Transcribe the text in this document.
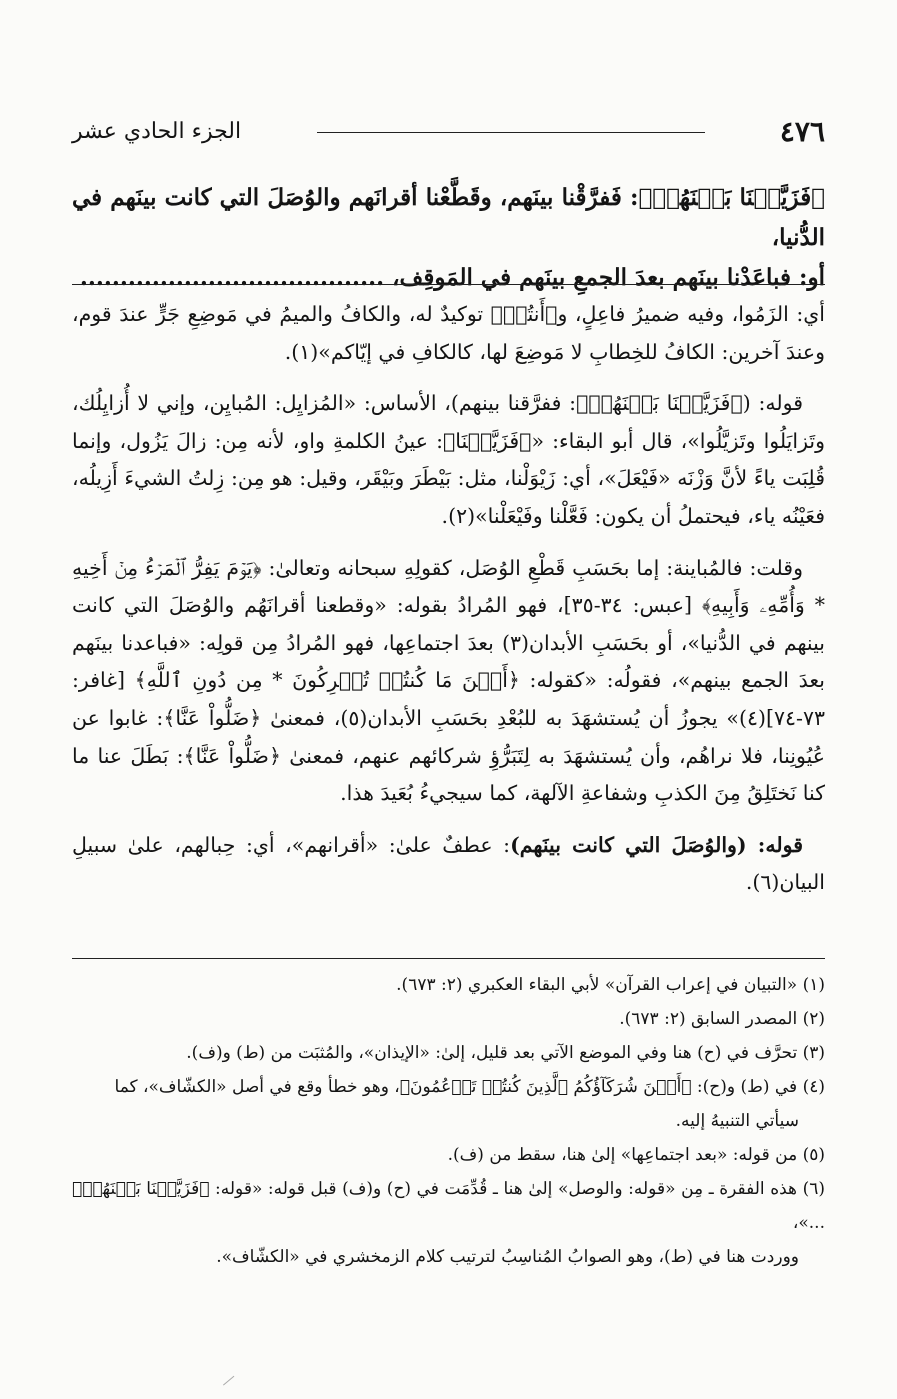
٤٧٦
الجزء الحادي عشر

﴿فَزَيَّلۡنَا بَيۡنَهُمۡ﴾: فَفرَّقْنا بينَهم، وقَطَّعْنا أقرانَهم والوُصَلَ التي كانت بينَهم في الدُّنيا،

أو: فباعَدْنا بينَهم بعدَ الجمعِ بينَهم في المَوقِف، ......................................

أي: الزَمُوا، وفيه ضميرُ فاعِلٍ، و﴿أَنتُمۡ﴾ توكيدٌ له، والكافُ والميمُ في مَوضِعِ جَرٍّ عندَ قوم، وعندَ آخرين: الكافُ للخِطابِ لا مَوضِعَ لها، كالكافِ في إيّاكم»(١).

قوله: (﴿فَزَيَّلۡنَا بَيۡنَهُمۡ﴾: ففرَّقنا بينهم)، الأساس: «المُزايِل: المُبايِن، وإني لا أُزايِلُك، وتَزايَلُوا وتَزيَّلُوا»، قال أبو البقاء: «﴿فَزَيَّلۡنَا﴾: عينُ الكلمةِ واو، لأنه مِن: زالَ يَزُول، وإنما قُلِبَت ياءً لأنَّ وَزْنَه «فَيْعَلَ»، أي: زَيْوَلْنا، مثل: بَيْطَرَ وبَيْقَر، وقيل: هو مِن: زِلتُ الشيءَ أَزِيلُه، فعَيْنُه ياء، فيحتملُ أن يكون: فَعَّلْنا وفَيْعَلْنا»(٢).

وقلت: فالمُباينة: إما بحَسَبِ قَطْعِ الوُصَل، كقولِهِ سبحانه وتعالىٰ: ﴿يَوۡمَ يَفِرُّ ٱلۡمَرۡءُ مِنۡ أَخِيهِ * وَأُمِّهِۦ وَأَبِيهِ﴾ [عبس: ٣٤-٣٥]، فهو المُرادُ بقوله: «وقطعنا أقرانَهُم والوُصَلَ التي كانت بينهم في الدُّنيا»، أو بحَسَبِ الأبدان(٣) بعدَ اجتماعِها، فهو المُرادُ مِن قولِه: «فباعدنا بينَهم بعدَ الجمع بينهم»، فقولُه: «كقوله: ﴿أَيۡنَ مَا كُنتُمۡ تُشۡرِكُونَ * مِن دُونِ ٱللَّهِ﴾ [غافر: ٧٣-٧٤](٤)» يجوزُ أن يُستشهَدَ به للبُعْدِ بحَسَبِ الأبدان(٥)، فمعنىٰ ﴿ضَلُّواْ عَنَّا﴾: غابوا عن عُيُونِنا، فلا نراهُم، وأن يُستشهَدَ به لِتَبَرُّؤِ شركائهم عنهم، فمعنىٰ ﴿ضَلُّواْ عَنَّا﴾: بَطَلَ عنا ما كنا نَختَلِقُ مِنَ الكذبِ وشفاعةِ الآلهة، كما سيجيءُ بُعَيدَ هذا.

قوله: (والوُصَلَ التي كانت بينَهم): عطفٌ علىٰ: «أقرانهم»، أي: حِبالهم، علىٰ سبيلِ البيان(٦).

(١) «التبيان في إعراب القرآن» لأبي البقاء العكبري (٢: ٦٧٣).

(٢) المصدر السابق (٢: ٦٧٣).

(٣) تحرَّف في (ح) هنا وفي الموضع الآتي بعد قليل، إلىٰ: «الإيذان»، والمُثبَت من (ط) و(ف).

(٤) في (ط) و(ح): ﴿أَيۡنَ شُرَكَآؤُكُمُ ٱلَّذِينَ كُنتُمۡ تَزۡعُمُونَ﴾، وهو خطأ وقع في أصل «الكشّاف»، كما

سيأتي التنبيهُ إليه.

(٥) من قوله: «بعد اجتماعِها» إلىٰ هنا، سقط من (ف).

(٦) هذه الفقرة ـ مِن «قوله: والوصل» إلىٰ هنا ـ قُدِّمَت في (ح) و(ف) قبل قوله: «قوله: ﴿فَزَيَّلۡنَا بَيۡنَهُمۡ﴾ ...»،

ووردت هنا في (ط)، وهو الصوابُ المُناسِبُ لترتيب كلام الزمخشري في «الكشّاف».
